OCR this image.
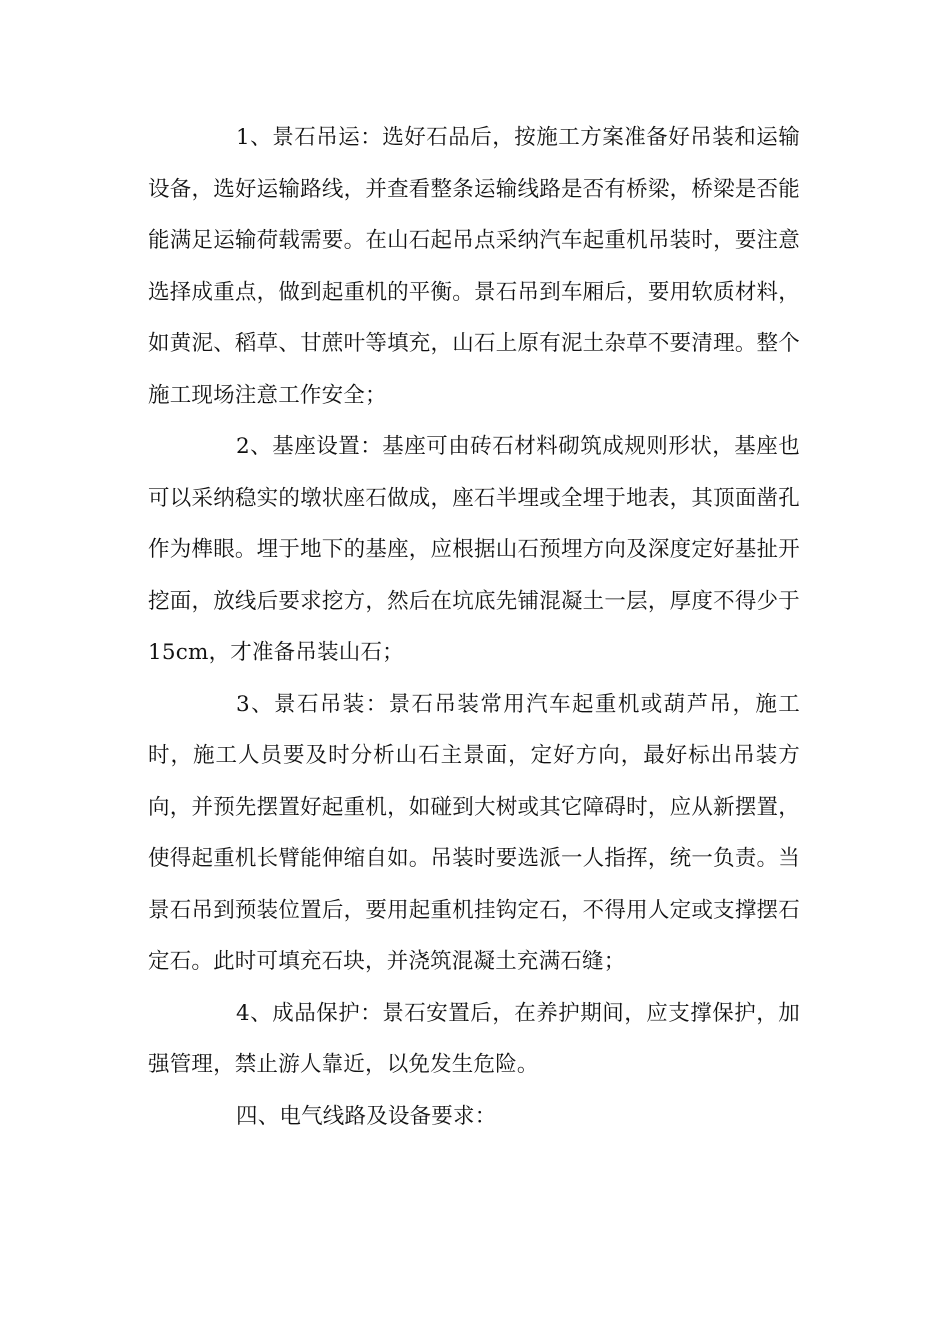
1、景石吊运：选好石品后，按施工方案准备好吊装和运输设备，选好运输路线，并查看整条运输线路是否有桥梁，桥梁是否能能满足运输荷载需要。在山石起吊点采纳汽车起重机吊装时，要注意选择成重点，做到起重机的平衡。景石吊到车厢后，要用软质材料，如黄泥、稻草、甘蔗叶等填充，山石上原有泥土杂草不要清理。整个施工现场注意工作安全；

2、基座设置：基座可由砖石材料砌筑成规则形状，基座也可以采纳稳实的墩状座石做成，座石半埋或全埋于地表，其顶面凿孔作为榫眼。埋于地下的基座，应根据山石预埋方向及深度定好基扯开挖面，放线后要求挖方，然后在坑底先铺混凝土一层，厚度不得少于15cm，才准备吊装山石；

3、景石吊装：景石吊装常用汽车起重机或葫芦吊，施工时，施工人员要及时分析山石主景面，定好方向，最好标出吊装方向，并预先摆置好起重机，如碰到大树或其它障碍时，应从新摆置，使得起重机长臂能伸缩自如。吊装时要选派一人指挥，统一负责。当景石吊到预装位置后，要用起重机挂钩定石，不得用人定或支撑摆石定石。此时可填充石块，并浇筑混凝土充满石缝；

4、成品保护：景石安置后，在养护期间，应支撑保护，加强管理，禁止游人靠近，以免发生危险。

四、电气线路及设备要求：
